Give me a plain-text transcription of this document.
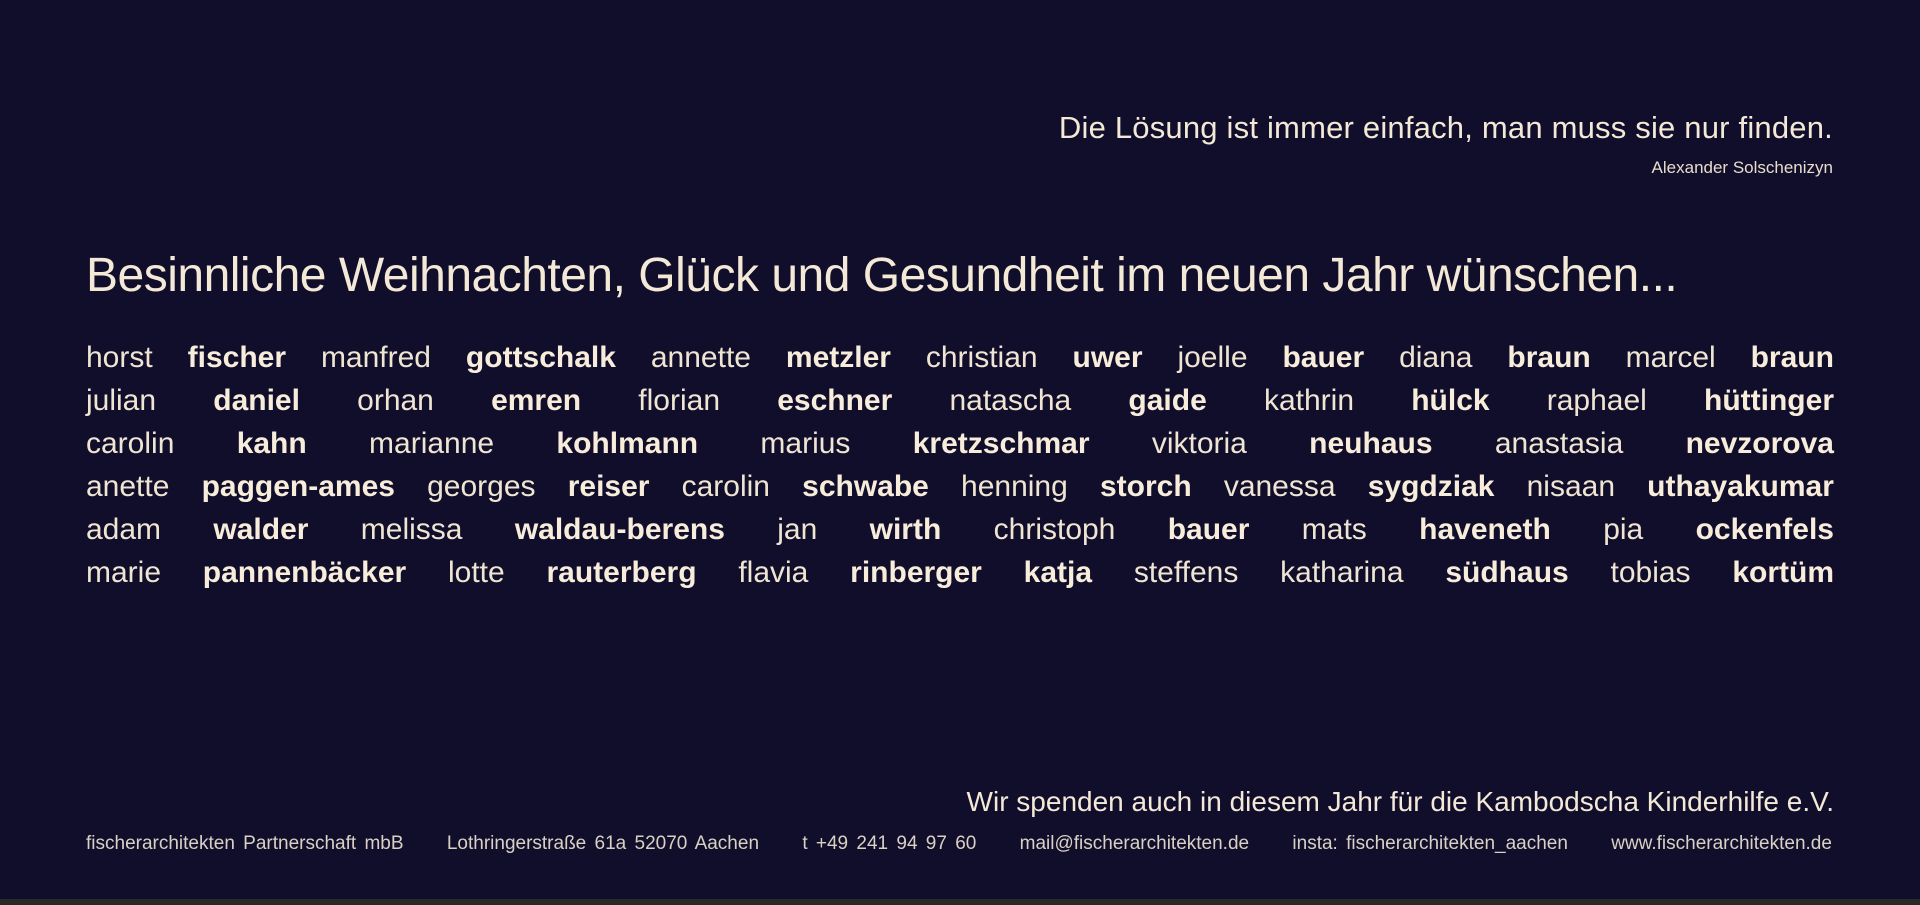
Die Lösung ist immer einfach, man muss sie nur finden.
Alexander Solschenizyn
Besinnliche Weihnachten, Glück und Gesundheit im neuen Jahr wünschen...
horst fischer manfred gottschalk annette metzler christian uwer joelle bauer diana braun marcel braun
julian daniel orhan emren florian eschner natascha gaide kathrin hülck raphael hüttinger
carolin kahn marianne kohlmann marius kretzschmar viktoria neuhaus anastasia nevzorova
anette paggen-ames georges reiser carolin schwabe henning storch vanessa sygdziak nisaan uthayakumar
adam walder melissa waldau-berens jan wirth christoph bauer mats haveneth pia ockenfels
marie pannenbäcker lotte rauterberg flavia rinberger katja steffens katharina südhaus tobias kortüm
Wir spenden auch in diesem Jahr für die Kambodscha Kinderhilfe e.V.
fischerarchitekten Partnerschaft mbB Lothringerstraße 61a 52070 Aachen t +49 241 94 97 60 mail@fischerarchitekten.de insta: fischerarchitekten_aachen www.fischerarchitekten.de
